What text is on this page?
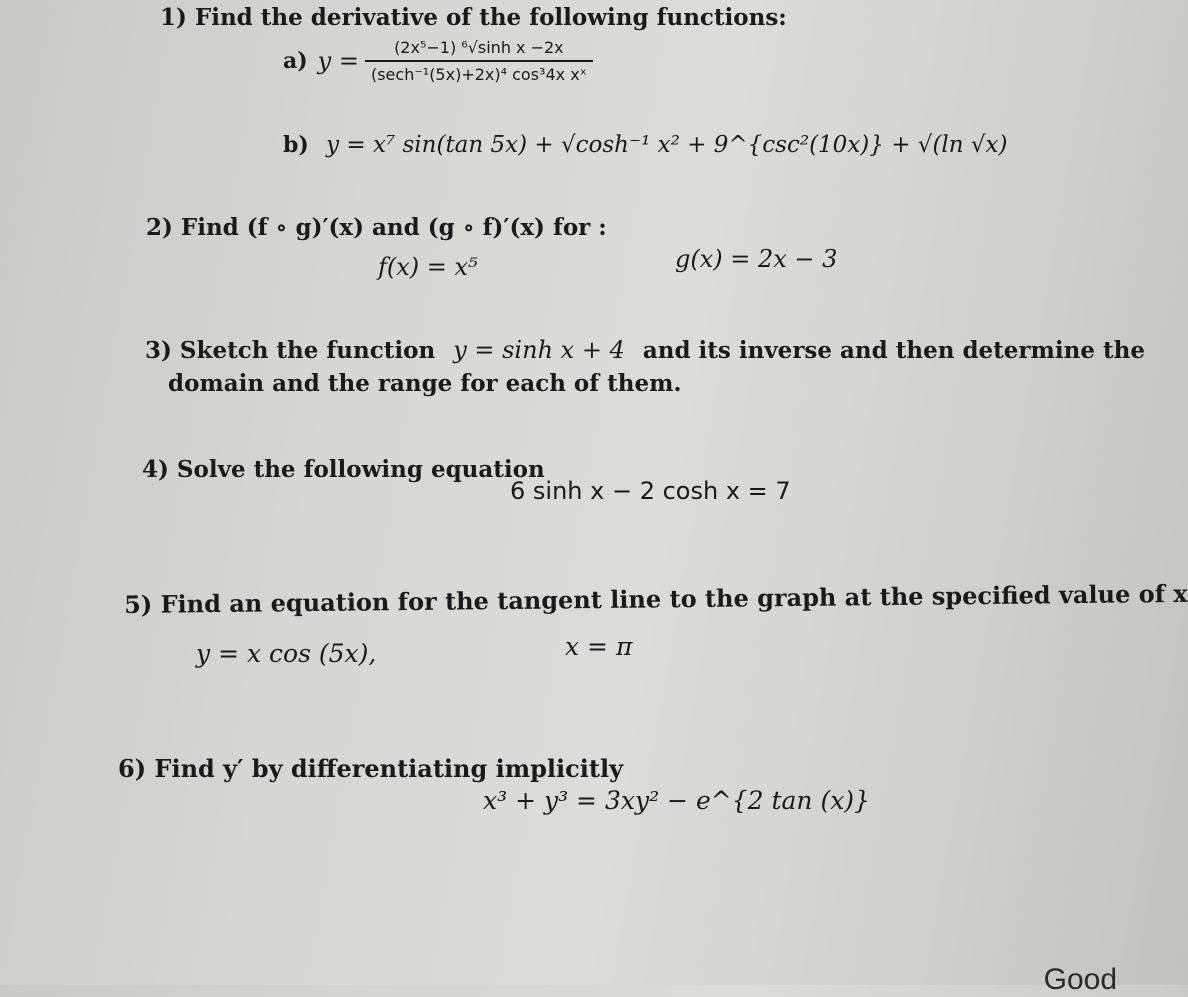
1) Find the derivative of the following functions:
a) $y = \frac{\text{(2x⁵−1) ⁶√sinh x −2x}}{\text{(sech⁻¹(5x)+2x)⁴ cos³4x xˣ}}$
b) y = x⁷ sin(tan 5x) + √cosh⁻¹ x² + 9^{csc²(10x)} + √(ln √x)
2) Find (f ∘ g)′(x) and (g ∘ f)′(x) for :
f(x) = x⁵	g(x) = 2x − 3
3) Sketch the function y = sinh x + 4 and its inverse and then determine the
domain and the range for each of them.
4) Solve the following equation
6 sinh x − 2 cosh x = 7
5) Find an equation for the tangent line to the graph at the specified value of x
y = x cos (5x),	x = π
6) Find y′ by differentiating implicitly
x³ + y³ = 3xy² − e^{2 tan (x)}
Good
